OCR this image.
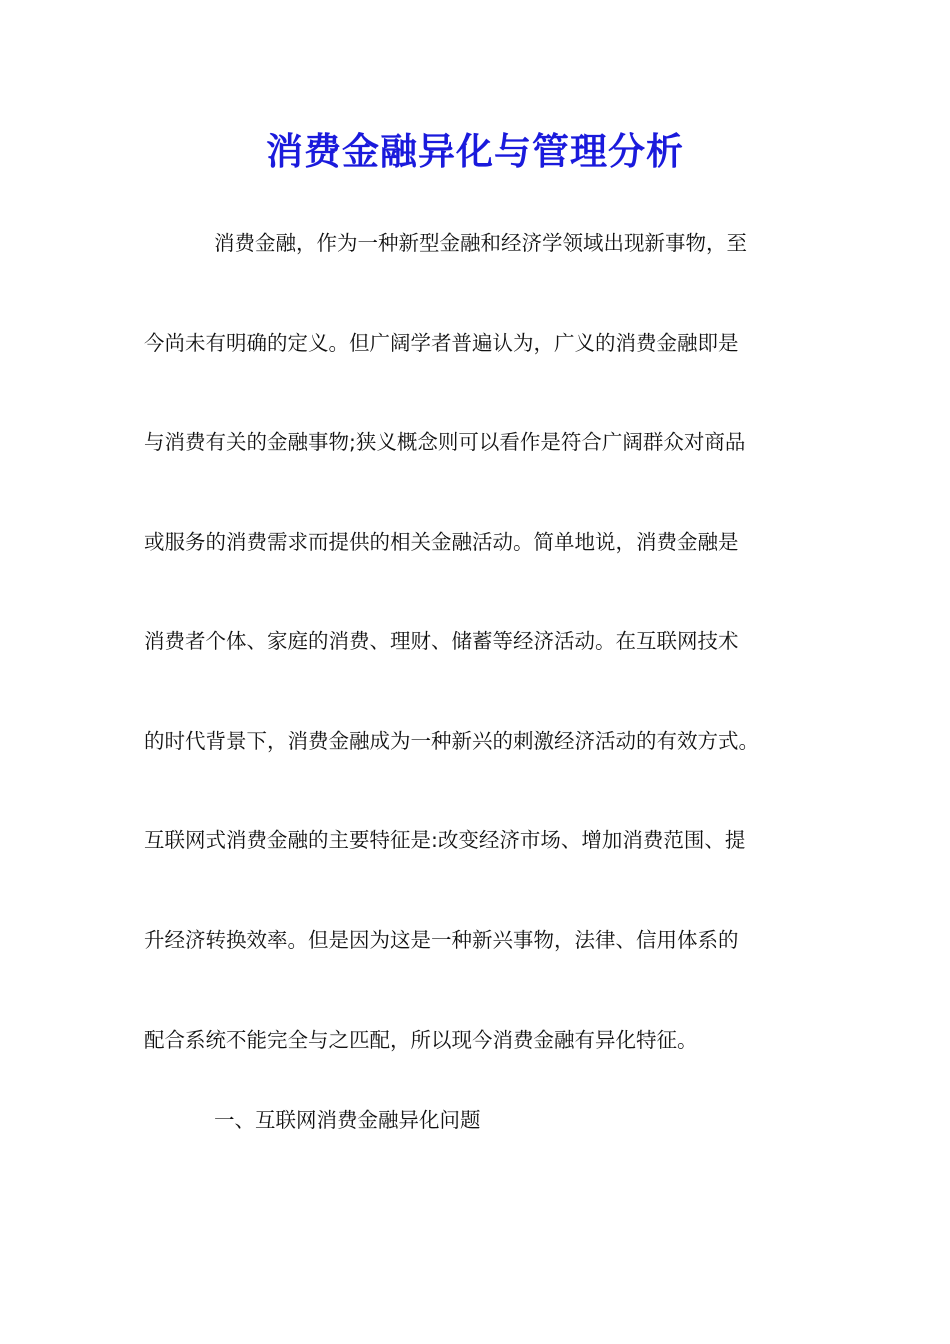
消费金融异化与管理分析
消费金融，作为一种新型金融和经济学领域出现新事物，至
今尚未有明确的定义。但广阔学者普遍认为，广义的消费金融即是
与消费有关的金融事物;狭义概念则可以看作是符合广阔群众对商品
或服务的消费需求而提供的相关金融活动。简单地说，消费金融是
消费者个体、家庭的消费、理财、储蓄等经济活动。在互联网技术
的时代背景下，消费金融成为一种新兴的刺激经济活动的有效方式。
互联网式消费金融的主要特征是:改变经济市场、增加消费范围、提
升经济转换效率。但是因为这是一种新兴事物，法律、信用体系的
配合系统不能完全与之匹配，所以现今消费金融有异化特征。
一、互联网消费金融异化问题
